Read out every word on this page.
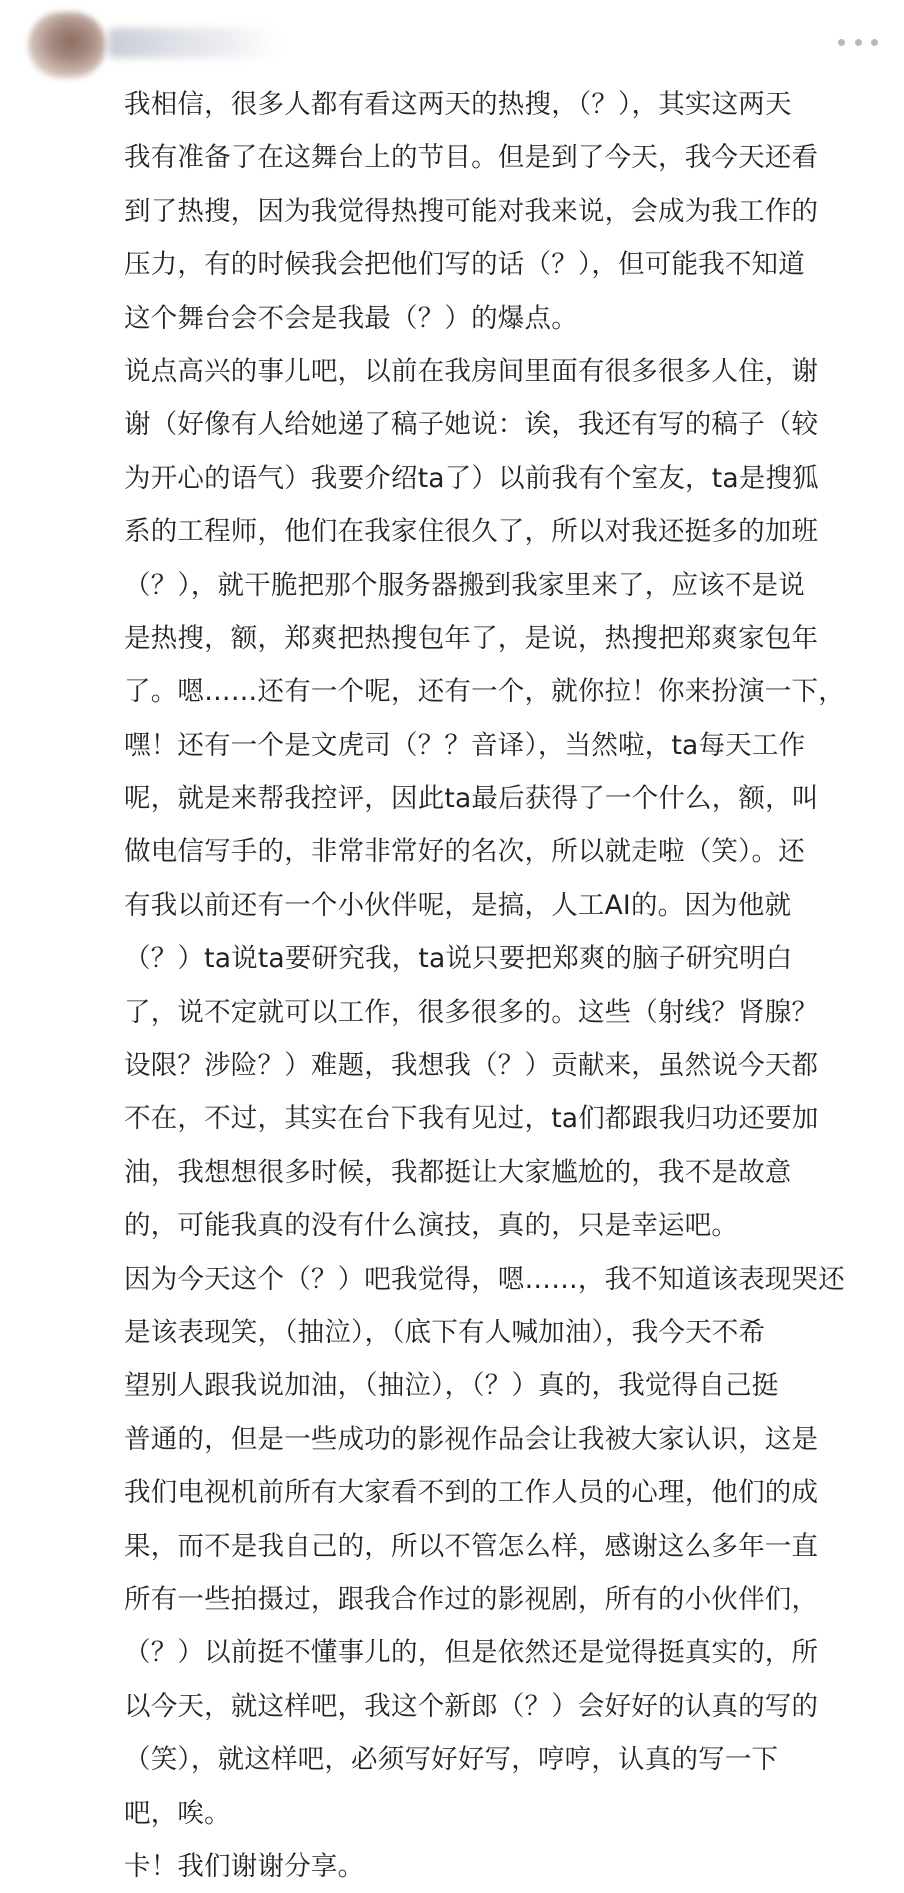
我相信，很多人都有看这两天的热搜，（？），其实这两天
我有准备了在这舞台上的节目。但是到了今天，我今天还看
到了热搜，因为我觉得热搜可能对我来说，会成为我工作的
压力，有的时候我会把他们写的话（？），但可能我不知道
这个舞台会不会是我最（？）的爆点。
说点高兴的事儿吧，以前在我房间里面有很多很多人住，谢
谢（好像有人给她递了稿子她说：诶，我还有写的稿子（较
为开心的语气）我要介绍ta了）以前我有个室友，ta是搜狐
系的工程师，他们在我家住很久了，所以对我还挺多的加班
（？），就干脆把那个服务器搬到我家里来了，应该不是说
是热搜，额，郑爽把热搜包年了，是说，热搜把郑爽家包年
了。嗯……还有一个呢，还有一个，就你拉！你来扮演一下，
嘿！还有一个是文虎司（？？音译），当然啦，ta每天工作
呢，就是来帮我控评，因此ta最后获得了一个什么，额，叫
做电信写手的，非常非常好的名次，所以就走啦（笑）。还
有我以前还有一个小伙伴呢，是搞，人工AI的。因为他就
（？）ta说ta要研究我，ta说只要把郑爽的脑子研究明白
了，说不定就可以工作，很多很多的。这些（射线？肾腺？
设限？涉险？）难题，我想我（？）贡献来，虽然说今天都
不在，不过，其实在台下我有见过，ta们都跟我归功还要加
油，我想想很多时候，我都挺让大家尴尬的，我不是故意
的，可能我真的没有什么演技，真的，只是幸运吧。
因为今天这个（？）吧我觉得，嗯……，我不知道该表现哭还
是该表现笑，（抽泣），（底下有人喊加油），我今天不希
望别人跟我说加油，（抽泣），（？）真的，我觉得自己挺
普通的，但是一些成功的影视作品会让我被大家认识，这是
我们电视机前所有大家看不到的工作人员的心理，他们的成
果，而不是我自己的，所以不管怎么样，感谢这么多年一直
所有一些拍摄过，跟我合作过的影视剧，所有的小伙伴们，
（？）以前挺不懂事儿的，但是依然还是觉得挺真实的，所
以今天，就这样吧，我这个新郎（？）会好好的认真的写的
（笑），就这样吧，必须写好好写，哼哼，认真的写一下
吧，唉。
卡！我们谢谢分享。
